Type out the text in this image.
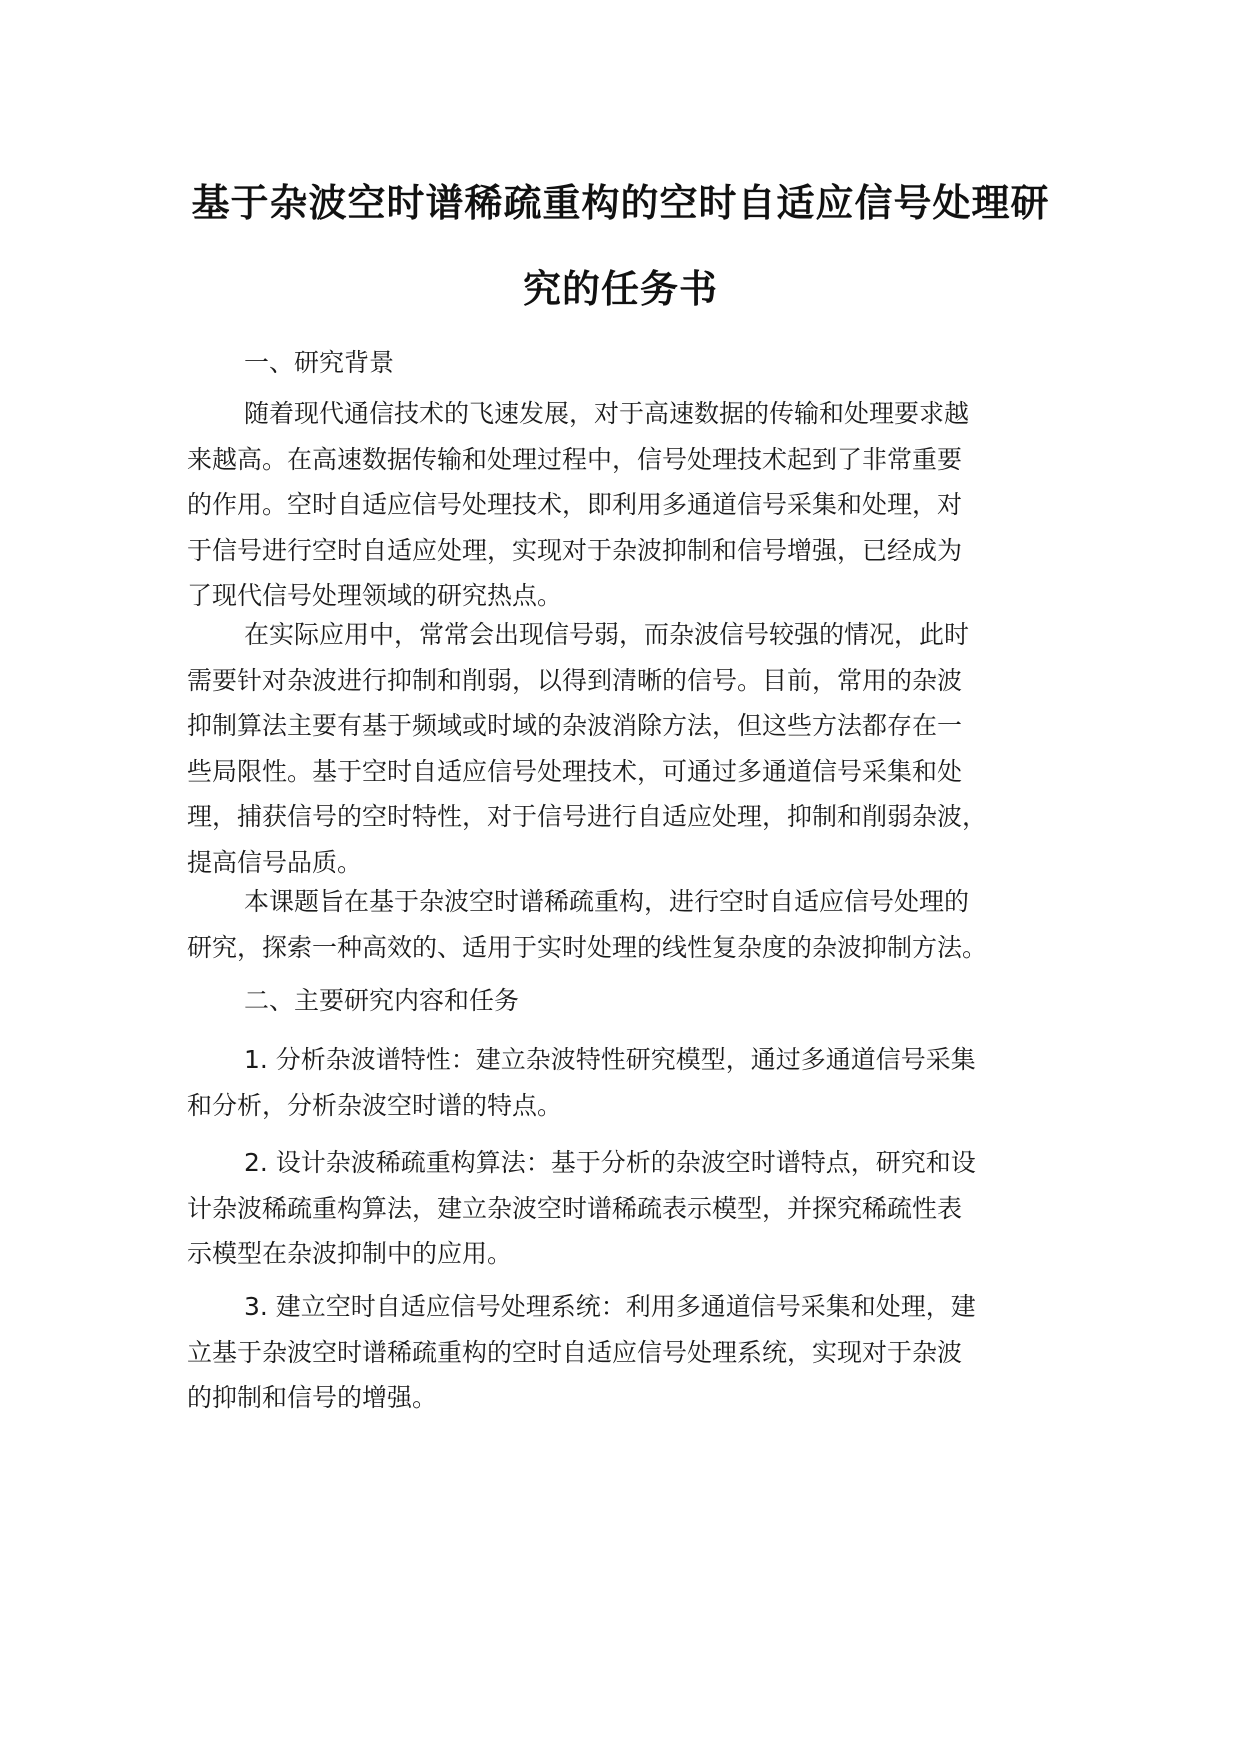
基于杂波空时谱稀疏重构的空时自适应信号处理研
究的任务书
一、研究背景
随着现代通信技术的飞速发展，对于高速数据的传输和处理要求越
来越高。在高速数据传输和处理过程中，信号处理技术起到了非常重要
的作用。空时自适应信号处理技术，即利用多通道信号采集和处理，对
于信号进行空时自适应处理，实现对于杂波抑制和信号增强，已经成为
了现代信号处理领域的研究热点。
在实际应用中，常常会出现信号弱，而杂波信号较强的情况，此时
需要针对杂波进行抑制和削弱，以得到清晰的信号。目前，常用的杂波
抑制算法主要有基于频域或时域的杂波消除方法，但这些方法都存在一
些局限性。基于空时自适应信号处理技术，可通过多通道信号采集和处
理，捕获信号的空时特性，对于信号进行自适应处理，抑制和削弱杂波，
提高信号品质。
本课题旨在基于杂波空时谱稀疏重构，进行空时自适应信号处理的
研究，探索一种高效的、适用于实时处理的线性复杂度的杂波抑制方法。
二、主要研究内容和任务
1. 分析杂波谱特性：建立杂波特性研究模型，通过多通道信号采集
和分析，分析杂波空时谱的特点。
2. 设计杂波稀疏重构算法：基于分析的杂波空时谱特点，研究和设
计杂波稀疏重构算法，建立杂波空时谱稀疏表示模型，并探究稀疏性表
示模型在杂波抑制中的应用。
3. 建立空时自适应信号处理系统：利用多通道信号采集和处理，建
立基于杂波空时谱稀疏重构的空时自适应信号处理系统，实现对于杂波
的抑制和信号的增强。
